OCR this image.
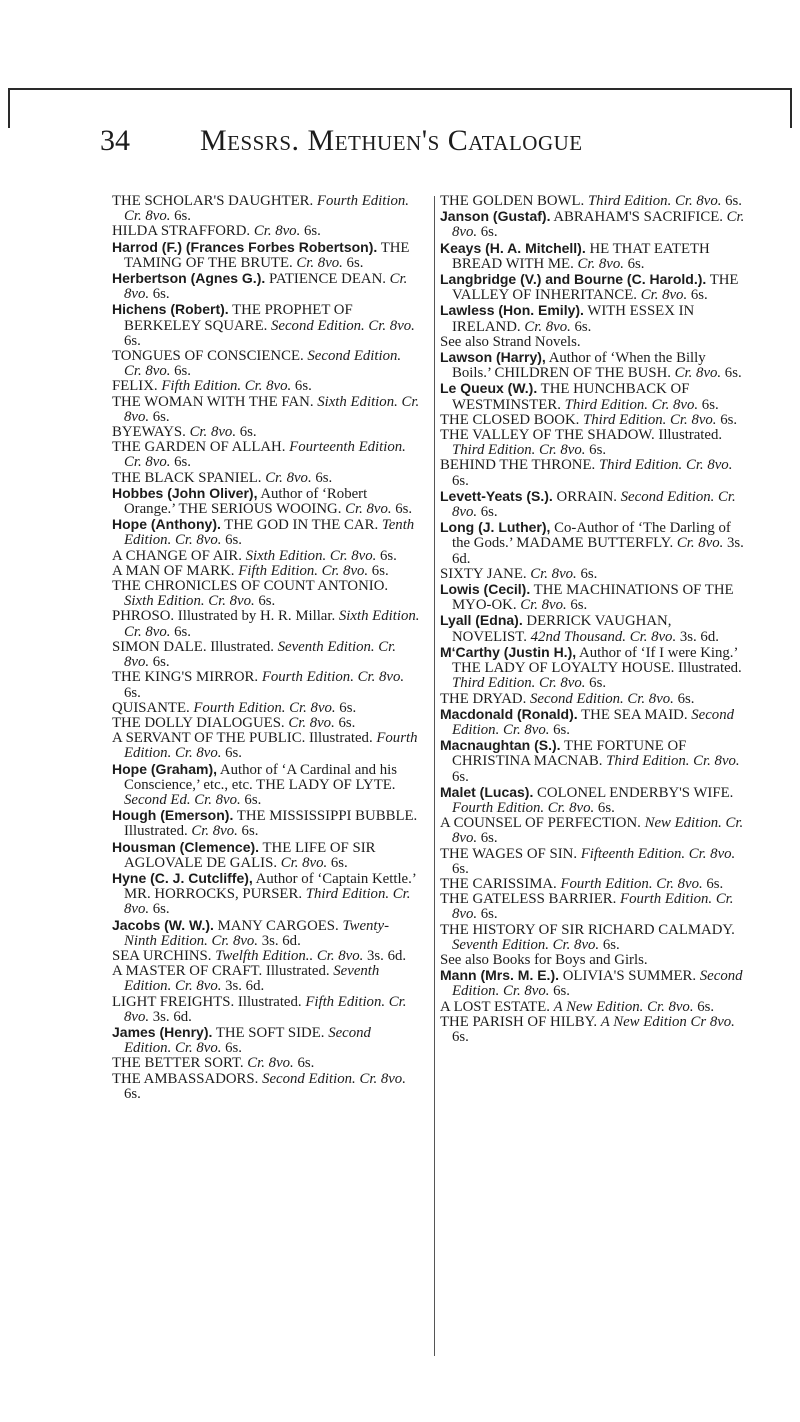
34 Messrs. Methuen's Catalogue

THE SCHOLAR'S DAUGHTER. Fourth Edition. Cr. 8vo. 6s.

HILDA STRAFFORD. Cr. 8vo. 6s.

Harrod (F.) (Frances Forbes Robertson). THE TAMING OF THE BRUTE. Cr. 8vo. 6s.

Herbertson (Agnes G.). PATIENCE DEAN. Cr. 8vo. 6s.

Hichens (Robert). THE PROPHET OF BERKELEY SQUARE. Second Edition. Cr. 8vo. 6s.

TONGUES OF CONSCIENCE. Second Edition. Cr. 8vo. 6s.

FELIX. Fifth Edition. Cr. 8vo. 6s.

THE WOMAN WITH THE FAN. Sixth Edition. Cr. 8vo. 6s.

BYEWAYS. Cr. 8vo. 6s.

THE GARDEN OF ALLAH. Fourteenth Edition. Cr. 8vo. 6s.

THE BLACK SPANIEL. Cr. 8vo. 6s.

Hobbes (John Oliver), Author of ‘Robert Orange.’ THE SERIOUS WOOING. Cr. 8vo. 6s.

Hope (Anthony). THE GOD IN THE CAR. Tenth Edition. Cr. 8vo. 6s.

A CHANGE OF AIR. Sixth Edition. Cr. 8vo. 6s.

A MAN OF MARK. Fifth Edition. Cr. 8vo. 6s.

THE CHRONICLES OF COUNT ANTONIO. Sixth Edition. Cr. 8vo. 6s.

PHROSO. Illustrated by H. R. Millar. Sixth Edition. Cr. 8vo. 6s.

SIMON DALE. Illustrated. Seventh Edition. Cr. 8vo. 6s.

THE KING'S MIRROR. Fourth Edition. Cr. 8vo. 6s.

QUISANTE. Fourth Edition. Cr. 8vo. 6s.

THE DOLLY DIALOGUES. Cr. 8vo. 6s.

A SERVANT OF THE PUBLIC. Illustrated. Fourth Edition. Cr. 8vo. 6s.

Hope (Graham), Author of ‘A Cardinal and his Conscience,’ etc., etc. THE LADY OF LYTE. Second Ed. Cr. 8vo. 6s.

Hough (Emerson). THE MISSISSIPPI BUBBLE. Illustrated. Cr. 8vo. 6s.

Housman (Clemence). THE LIFE OF SIR AGLOVALE DE GALIS. Cr. 8vo. 6s.

Hyne (C. J. Cutcliffe), Author of ‘Captain Kettle.’ MR. HORROCKS, PURSER. Third Edition. Cr. 8vo. 6s.

Jacobs (W. W.). MANY CARGOES. Twenty-Ninth Edition. Cr. 8vo. 3s. 6d.

SEA URCHINS. Twelfth Edition.. Cr. 8vo. 3s. 6d.

A MASTER OF CRAFT. Illustrated. Seventh Edition. Cr. 8vo. 3s. 6d.

LIGHT FREIGHTS. Illustrated. Fifth Edition. Cr. 8vo. 3s. 6d.

James (Henry). THE SOFT SIDE. Second Edition. Cr. 8vo. 6s.

THE BETTER SORT. Cr. 8vo. 6s.

THE AMBASSADORS. Second Edition. Cr. 8vo. 6s.

THE GOLDEN BOWL. Third Edition. Cr. 8vo. 6s.

Janson (Gustaf). ABRAHAM'S SACRIFICE. Cr. 8vo. 6s.

Keays (H. A. Mitchell). HE THAT EATETH BREAD WITH ME. Cr. 8vo. 6s.

Langbridge (V.) and Bourne (C. Harold.). THE VALLEY OF INHERITANCE. Cr. 8vo. 6s.

Lawless (Hon. Emily). WITH ESSEX IN IRELAND. Cr. 8vo. 6s.

See also Strand Novels.

Lawson (Harry), Author of ‘When the Billy Boils.’ CHILDREN OF THE BUSH. Cr. 8vo. 6s.

Le Queux (W.). THE HUNCHBACK OF WESTMINSTER. Third Edition. Cr. 8vo. 6s.

THE CLOSED BOOK. Third Edition. Cr. 8vo. 6s.

THE VALLEY OF THE SHADOW. Illustrated. Third Edition. Cr. 8vo. 6s.

BEHIND THE THRONE. Third Edition. Cr. 8vo. 6s.

Levett-Yeats (S.). ORRAIN. Second Edition. Cr. 8vo. 6s.

Long (J. Luther), Co-Author of ‘The Darling of the Gods.’ MADAME BUTTERFLY. Cr. 8vo. 3s. 6d.

SIXTY JANE. Cr. 8vo. 6s.

Lowis (Cecil). THE MACHINATIONS OF THE MYO-OK. Cr. 8vo. 6s.

Lyall (Edna). DERRICK VAUGHAN, NOVELIST. 42nd Thousand. Cr. 8vo. 3s. 6d.

M‘Carthy (Justin H.), Author of ‘If I were King.’ THE LADY OF LOYALTY HOUSE. Illustrated. Third Edition. Cr. 8vo. 6s.

THE DRYAD. Second Edition. Cr. 8vo. 6s.

Macdonald (Ronald). THE SEA MAID. Second Edition. Cr. 8vo. 6s.

Macnaughtan (S.). THE FORTUNE OF CHRISTINA MACNAB. Third Edition. Cr. 8vo. 6s.

Malet (Lucas). COLONEL ENDERBY'S WIFE. Fourth Edition. Cr. 8vo. 6s.

A COUNSEL OF PERFECTION. New Edition. Cr. 8vo. 6s.

THE WAGES OF SIN. Fifteenth Edition. Cr. 8vo. 6s.

THE CARISSIMA. Fourth Edition. Cr. 8vo. 6s.

THE GATELESS BARRIER. Fourth Edition. Cr. 8vo. 6s.

THE HISTORY OF SIR RICHARD CALMADY. Seventh Edition. Cr. 8vo. 6s.

See also Books for Boys and Girls.

Mann (Mrs. M. E.). OLIVIA'S SUMMER. Second Edition. Cr. 8vo. 6s.

A LOST ESTATE. A New Edition. Cr. 8vo. 6s.

THE PARISH OF HILBY. A New Edition Cr 8vo. 6s.
